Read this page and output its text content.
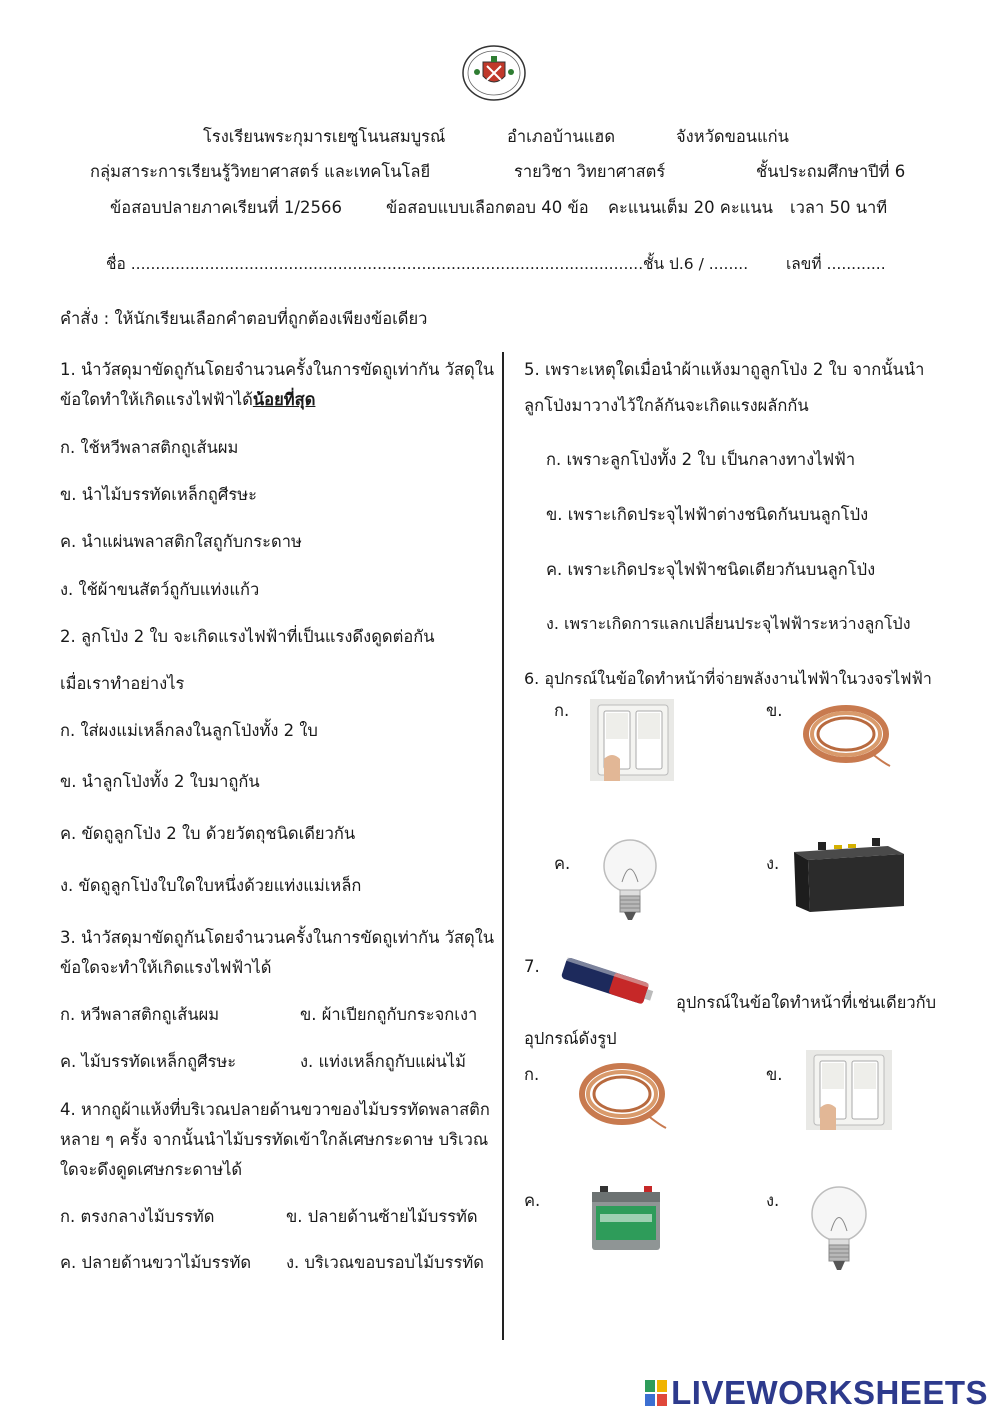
โรงเรียนพระกุมารเยซูโนนสมบูรณ์	อำเภอบ้านแฮด	จังหวัดขอนแก่น
กลุ่มสาระการเรียนรู้วิทยาศาสตร์ และเทคโนโลยี	รายวิชา วิทยาศาสตร์	ชั้นประถมศึกษาปีที่ 6
ข้อสอบปลายภาคเรียนที่ 1/2566	ข้อสอบแบบเลือกตอบ 40 ข้อ คะแนนเต็ม 20 คะแนน เวลา 50 นาที
ชื่อ ........................................................................................................ ชั้น ป.6 / ........ เลขที่ ............
คำสั่ง : ให้นักเรียนเลือกคำตอบที่ถูกต้องเพียงข้อเดียว
1. นำวัสดุมาขัดถูกันโดยจำนวนครั้งในการขัดถูเท่ากัน วัสดุใน
ข้อใดทำให้เกิดแรงไฟฟ้าได้น้อยที่สุด
ก. ใช้หวีพลาสติกถูเส้นผม
ข. นำไม้บรรทัดเหล็กถูศีรษะ
ค. นำแผ่นพลาสติกใสถูกับกระดาษ
ง. ใช้ผ้าขนสัตว์ถูกับแท่งแก้ว
2. ลูกโป่ง 2 ใบ จะเกิดแรงไฟฟ้าที่เป็นแรงดึงดูดต่อกัน
เมื่อเราทำอย่างไร
ก. ใส่ผงแม่เหล็กลงในลูกโป่งทั้ง 2 ใบ
ข. นำลูกโป่งทั้ง 2 ใบมาถูกัน
ค. ขัดถูลูกโป่ง 2 ใบ ด้วยวัตถุชนิดเดียวกัน
ง. ขัดถูลูกโป่งใบใดใบหนึ่งด้วยแท่งแม่เหล็ก
3. นำวัสดุมาขัดถูกันโดยจำนวนครั้งในการขัดถูเท่ากัน วัสดุใน
ข้อใดจะทำให้เกิดแรงไฟฟ้าได้
ก. หวีพลาสติกถูเส้นผม	ข. ผ้าเปียกถูกับกระจกเงา
ค. ไม้บรรทัดเหล็กถูศีรษะ	ง. แท่งเหล็กถูกับแผ่นไม้
4. หากถูผ้าแห้งที่บริเวณปลายด้านขวาของไม้บรรทัดพลาสติก
หลาย ๆ ครั้ง จากนั้นนำไม้บรรทัดเข้าใกล้เศษกระดาษ บริเวณ
ใดจะดึงดูดเศษกระดาษได้
ก. ตรงกลางไม้บรรทัด	ข. ปลายด้านซ้ายไม้บรรทัด
ค. ปลายด้านขวาไม้บรรทัด ง. บริเวณขอบรอบไม้บรรทัด
5. เพราะเหตุใดเมื่อนำผ้าแห้งมาถูลูกโป่ง 2 ใบ จากนั้นนำ
ลูกโป่งมาวางไว้ใกล้กันจะเกิดแรงผลักกัน
ก. เพราะลูกโป่งทั้ง 2 ใบ เป็นกลางทางไฟฟ้า
ข. เพราะเกิดประจุไฟฟ้าต่างชนิดกันบนลูกโป่ง
ค. เพราะเกิดประจุไฟฟ้าชนิดเดียวกันบนลูกโป่ง
ง. เพราะเกิดการแลกเปลี่ยนประจุไฟฟ้าระหว่างลูกโป่ง
6. อุปกรณ์ในข้อใดทำหน้าที่จ่ายพลังงานไฟฟ้าในวงจรไฟฟ้า
ก.	ข.
ค.	ง.
7.
อุปกรณ์ในข้อใดทำหน้าที่เช่นเดียวกับ
อุปกรณ์ดังรูป
ก.	ข.
ค.	ง.
LIVEWORKSHEETS
